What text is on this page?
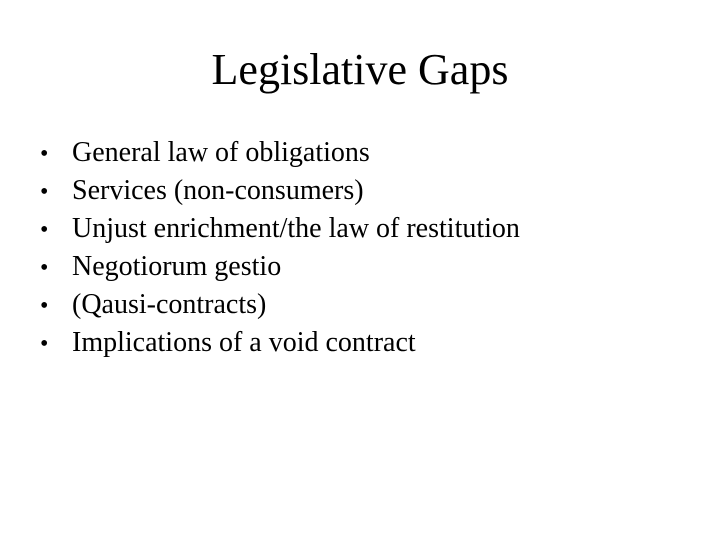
Legislative Gaps
• General law of obligations
• Services (non-consumers)
• Unjust enrichment/the law of restitution
• Negotiorum gestio
• (Qausi-contracts)
• Implications of a void contract
